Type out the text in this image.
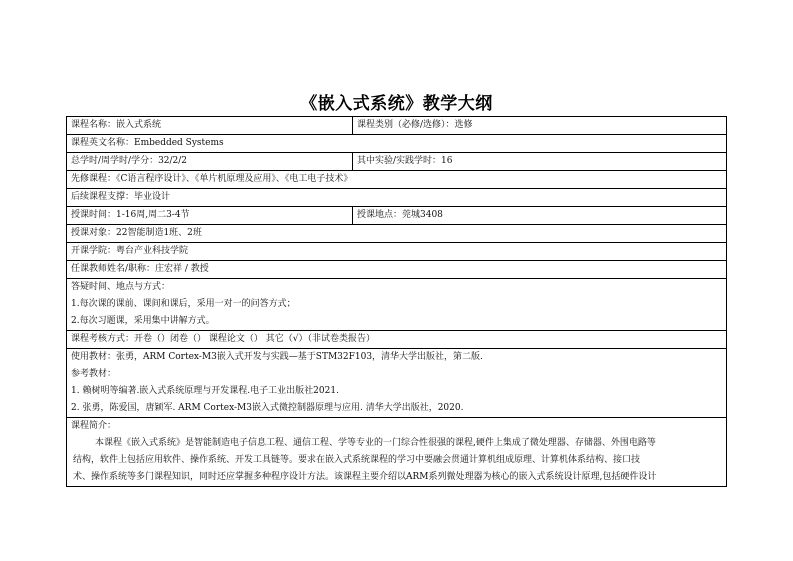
《嵌入式系统》教学大纲
课程名称：嵌入式系统	课程类别（必修/选修）：选修
课程英文名称：Embedded Systems	
总学时/周学时/学分：32/2/2	其中实验/实践学时：16
先修课程：《C语言程序设计》、《单片机原理及应用》、《电工电子技术》	
后续课程支撑：毕业设计	
授课时间：1-16周,周二3-4节	授课地点：莞城3408
授课对象：22智能制造1班、2班	
开课学院：粤台产业科技学院	
任课教师姓名/职称：庄宏祥 / 教授	

答疑时间、地点与方式：
1.每次课的课前、课间和课后，采用一对一的问答方式；
2.每次习题课，采用集中讲解方式。	

课程考核方式：开卷（）闭卷（） 课程论文（） 其它（√）（非试卷类报告）	

使用教材：张勇，ARM Cortex-M3嵌入式开发与实践—基于STM32F103，清华大学出版社，第二版.
参考教材：
1. 赖树明等编著.嵌入式系统原理与开发课程.电子工业出版社2021.
2. 张勇，陈爱国，唐颖军. ARM Cortex-M3嵌入式微控制器原理与应用. 清华大学出版社，2020.	

课程简介：
本课程《嵌入式系统》是智能制造电子信息工程、通信工程、学等专业的一门综合性很强的课程,硬件上集成了微处理器、存储器、外围电路等
结构，软件上包括应用软件、操作系统、开发工具链等。要求在嵌入式系统课程的学习中要融会贯通计算机组成原理、计算机体系结构、接口技
术、操作系统等多门课程知识，同时还应掌握多种程序设计方法。该课程主要介绍以ARM系列微处理器为核心的嵌入式系统设计原理,包括硬件设计	
